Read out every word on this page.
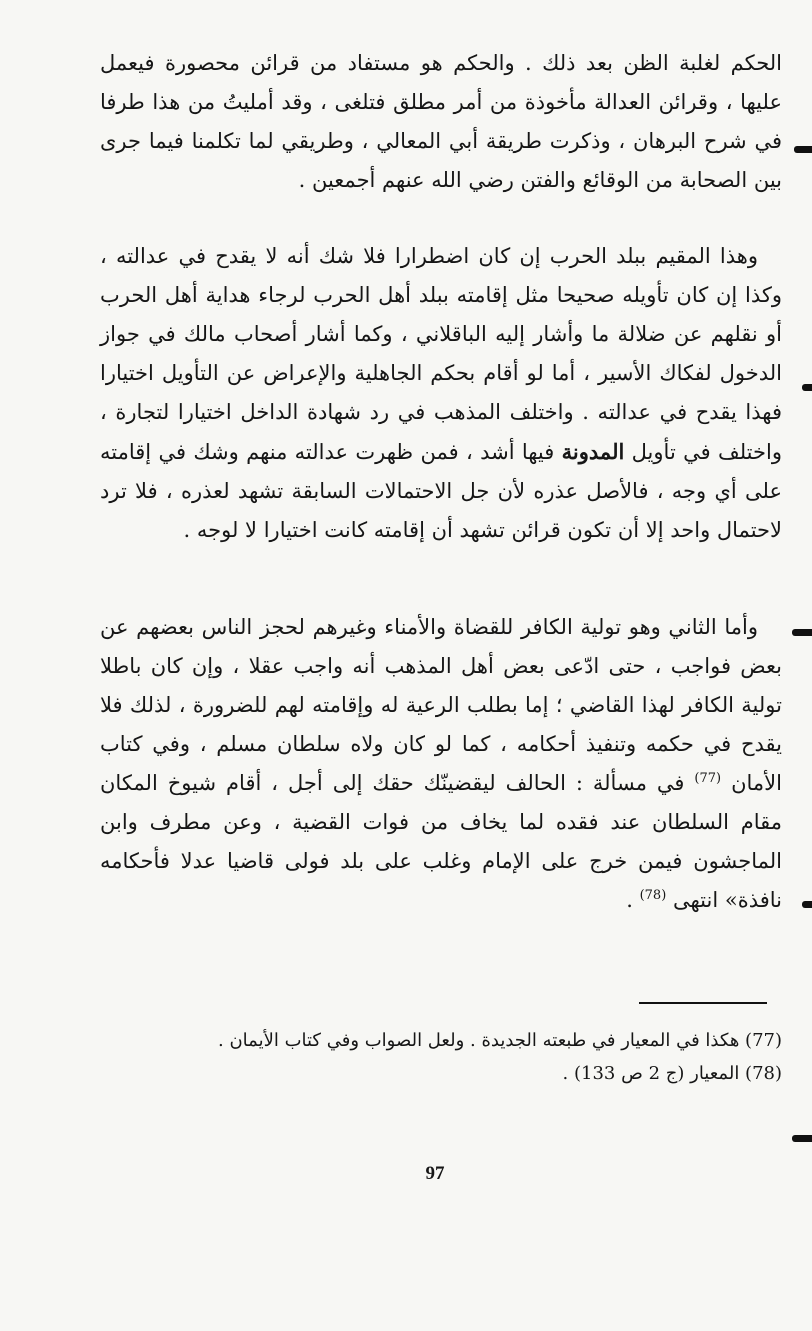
الحكم لغلبة الظن بعد ذلك . والحكم هو مستفاد من قرائن محصورة فيعمل عليها ، وقرائن العدالة مأخوذة من أمر مطلق فتلغى ، وقد أمليتُ من هذا طرفا في شرح البرهان ، وذكرت طريقة أبي المعالي ، وطريقي لما تكلمنا فيما جرى بين الصحابة من الوقائع والفتن رضي الله عنهم أجمعين .

وهذا المقيم ببلد الحرب إن كان اضطرارا فلا شك أنه لا يقدح في عدالته ، وكذا إن كان تأويله صحيحا مثل إقامته ببلد أهل الحرب لرجاء هداية أهل الحرب أو نقلهم عن ضلالة ما وأشار إليه الباقلاني ، وكما أشار أصحاب مالك في جواز الدخول لفكاك الأسير ، أما لو أقام بحكم الجاهلية والإعراض عن التأويل اختيارا فهذا يقدح في عدالته . واختلف المذهب في رد شهادة الداخل اختيارا لتجارة ، واختلف في تأويل المدونة فيها أشد ، فمن ظهرت عدالته منهم وشك في إقامته على أي وجه ، فالأصل عذره لأن جل الاحتمالات السابقة تشهد لعذره ، فلا ترد لاحتمال واحد إلا أن تكون قرائن تشهد أن إقامته كانت اختيارا لا لوجه .

وأما الثاني وهو تولية الكافر للقضاة والأمناء وغيرهم لحجز الناس بعضهم عن بعض فواجب ، حتى ادّعى بعض أهل المذهب أنه واجب عقلا ، وإن كان باطلا تولية الكافر لهذا القاضي ؛ إما بطلب الرعية له وإقامته لهم للضرورة ، لذلك فلا يقدح في حكمه وتنفيذ أحكامه ، كما لو كان ولاه سلطان مسلم ، وفي كتاب الأمان $^{(77)}$ في مسألة : الحالف ليقضينّك حقك إلى أجل ، أقام شيوخ المكان مقام السلطان عند فقده لما يخاف من فوات القضية ، وعن مطرف وابن الماجشون فيمن خرج على الإمام وغلب على بلد فولى قاضيا عدلا فأحكامه نافذة» انتهى $^{(78)}$ .

(77) هكذا في المعيار في طبعته الجديدة . ولعل الصواب وفي كتاب الأيمان .
(78) المعيار (ج 2 ص 133) .
97
